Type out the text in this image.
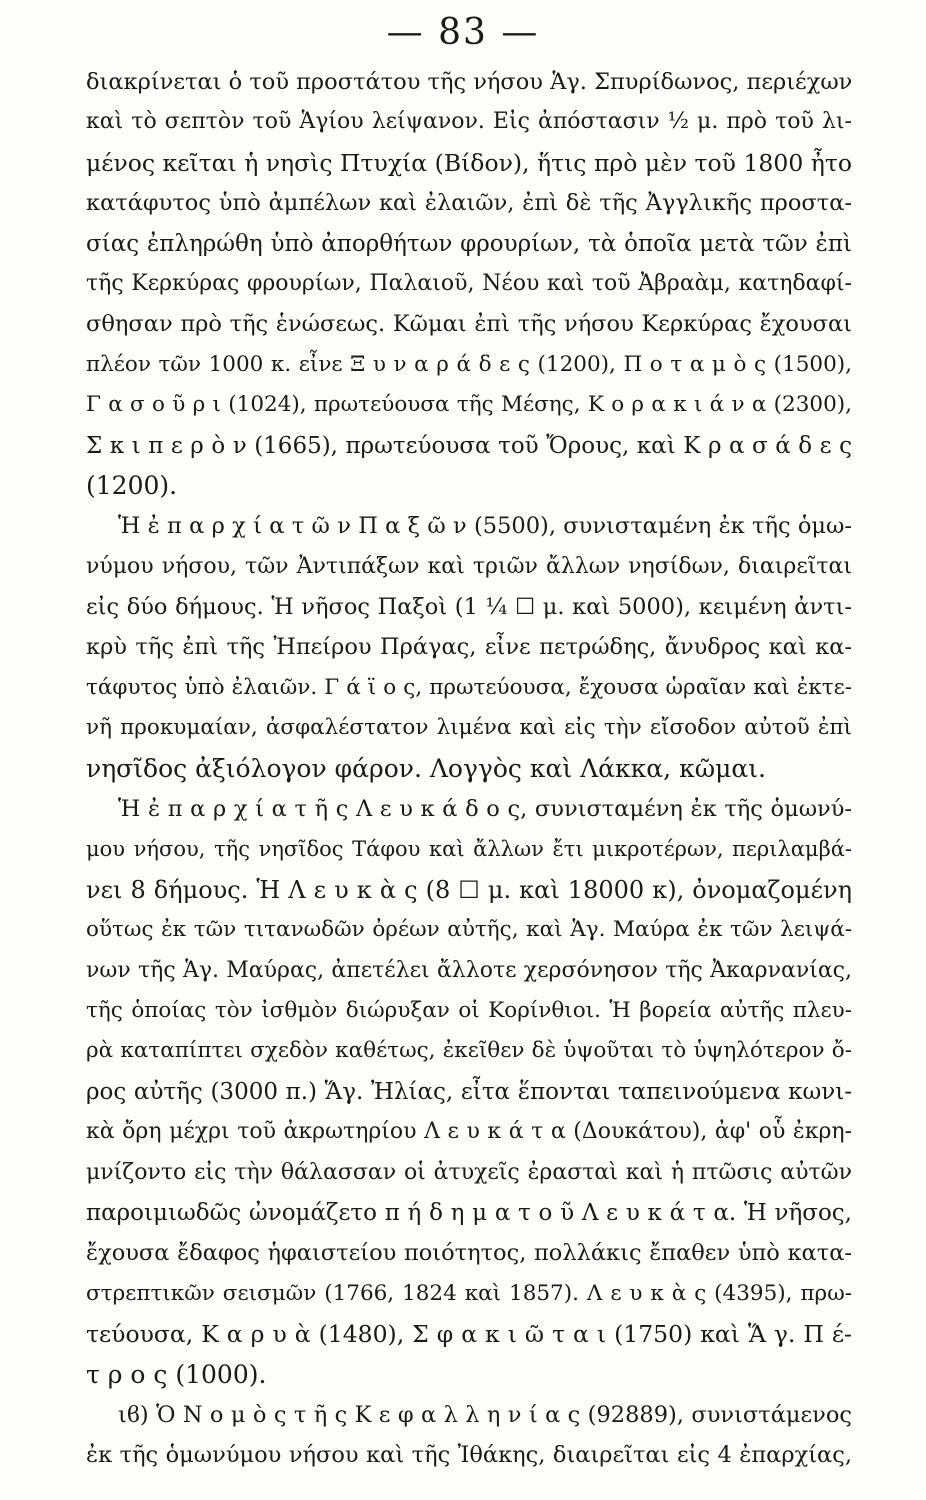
— 83 —
διακρίνεται ὁ τοῦ προστάτου τῆς νήσου Ἁγ. Σπυρίδωνος, περιέχων
καὶ τὸ σεπτὸν τοῦ Ἁγίου λείψανον. Εἰς ἀπόστασιν ½ μ. πρὸ τοῦ λι-
μένος κεῖται ἡ νησὶς Πτυχία (Βίδον), ἥτις πρὸ μὲν τοῦ 1800 ἦτο
κατάφυτος ὑπὸ ἀμπέλων καὶ ἐλαιῶν, ἐπὶ δὲ τῆς Ἀγγλικῆς προστα-
σίας ἐπληρώθη ὑπὸ ἀπορθήτων φρουρίων, τὰ ὁποῖα μετὰ τῶν ἐπὶ
τῆς Κερκύρας φρουρίων, Παλαιοῦ, Νέου καὶ τοῦ Ἀβραὰμ, κατηδαφί-
σθησαν πρὸ τῆς ἑνώσεως. Κῶμαι ἐπὶ τῆς νήσου Κερκύρας ἔχουσαι
πλέον τῶν 1000 κ. εἶνε Ξ υ ν α ρ ά δ ε ς (1200), Π ο τ α μ ὸ ς (1500),
Γ α σ ο ῦ ρ ι (1024), πρωτεύουσα τῆς Μέσης, Κ ο ρ α κ ι ά ν α (2300),
Σ κ ι π ε ρ ὸ ν (1665), πρωτεύουσα τοῦ Ὄρους, καὶ Κ ρ α σ ά δ ε ς
(1200).
Ἡ ἐ π α ρ χ ί α τ ῶ ν Π α ξ ῶ ν (5500), συνισταμένη ἐκ τῆς ὁμω-
νύμου νήσου, τῶν Ἀντιπάξων καὶ τριῶν ἄλλων νησίδων, διαιρεῖται
εἰς δύο δήμους. Ἡ νῆσος Παξοὶ (1 ¼ ☐ μ. καὶ 5000), κειμένη ἀντι-
κρὺ τῆς ἐπὶ τῆς Ἠπείρου Πράγας, εἶνε πετρώδης, ἄνυδρος καὶ κα-
τάφυτος ὑπὸ ἐλαιῶν. Γ ά ϊ ο ς, πρωτεύουσα, ἔχουσα ὡραῖαν καὶ ἐκτε-
νῆ προκυμαίαν, ἀσφαλέστατον λιμένα καὶ εἰς τὴν εἴσοδον αὐτοῦ ἐπὶ
νησῖδος ἀξιόλογον φάρον. Λογγὸς καὶ Λάκκα, κῶμαι.
Ἡ ἐ π α ρ χ ί α τ ῆ ς Λ ε υ κ ά δ ο ς, συνισταμένη ἐκ τῆς ὁμωνύ-
μου νήσου, τῆς νησῖδος Τάφου καὶ ἄλλων ἔτι μικροτέρων, περιλαμβά-
νει 8 δήμους. Ἡ Λ ε υ κ ὰ ς (8 ☐ μ. καὶ 18000 κ), ὀνομαζομένη
οὕτως ἐκ τῶν τιτανωδῶν ὀρέων αὐτῆς, καὶ Ἁγ. Μαύρα ἐκ τῶν λειψά-
νων τῆς Ἁγ. Μαύρας, ἀπετέλει ἄλλοτε χερσόνησον τῆς Ἀκαρνανίας,
τῆς ὁποίας τὸν ἰσθμὸν διώρυξαν οἱ Κορίνθιοι. Ἡ βορεία αὐτῆς πλευ-
ρὰ καταπίπτει σχεδὸν καθέτως, ἐκεῖθεν δὲ ὑψοῦται τὸ ὑψηλότερον ὄ-
ρος αὐτῆς (3000 π.) Ἅγ. Ἠλίας, εἶτα ἕπονται ταπεινούμενα κωνι-
κὰ ὄρη μέχρι τοῦ ἀκρωτηρίου Λ ε υ κ ά τ α (Δουκάτου), ἀφ' οὗ ἐκρη-
μνίζοντο εἰς τὴν θάλασσαν οἱ ἀτυχεῖς ἐρασταὶ καὶ ἡ πτῶσις αὐτῶν
παροιμιωδῶς ὠνομάζετο π ή δ η μ α τ ο ῦ Λ ε υ κ ά τ α. Ἡ νῆσος,
ἔχουσα ἔδαφος ἡφαιστείου ποιότητος, πολλάκις ἔπαθεν ὑπὸ κατα-
στρεπτικῶν σεισμῶν (1766, 1824 καὶ 1857). Λ ε υ κ ὰ ς (4395), πρω-
τεύουσα, Κ α ρ υ ὰ (1480), Σ φ α κ ι ῶ τ α ι (1750) καὶ Ἅ γ. Π έ-
τ ρ ο ς (1000).
ιϐ) Ὁ Ν ο μ ὸ ς τ ῆ ς Κ ε φ α λ λ η ν ί α ς (92889), συνιστάμενος
ἐκ τῆς ὁμωνύμου νήσου καὶ τῆς Ἰθάκης, διαιρεῖται εἰς 4 ἐπαρχίας,
